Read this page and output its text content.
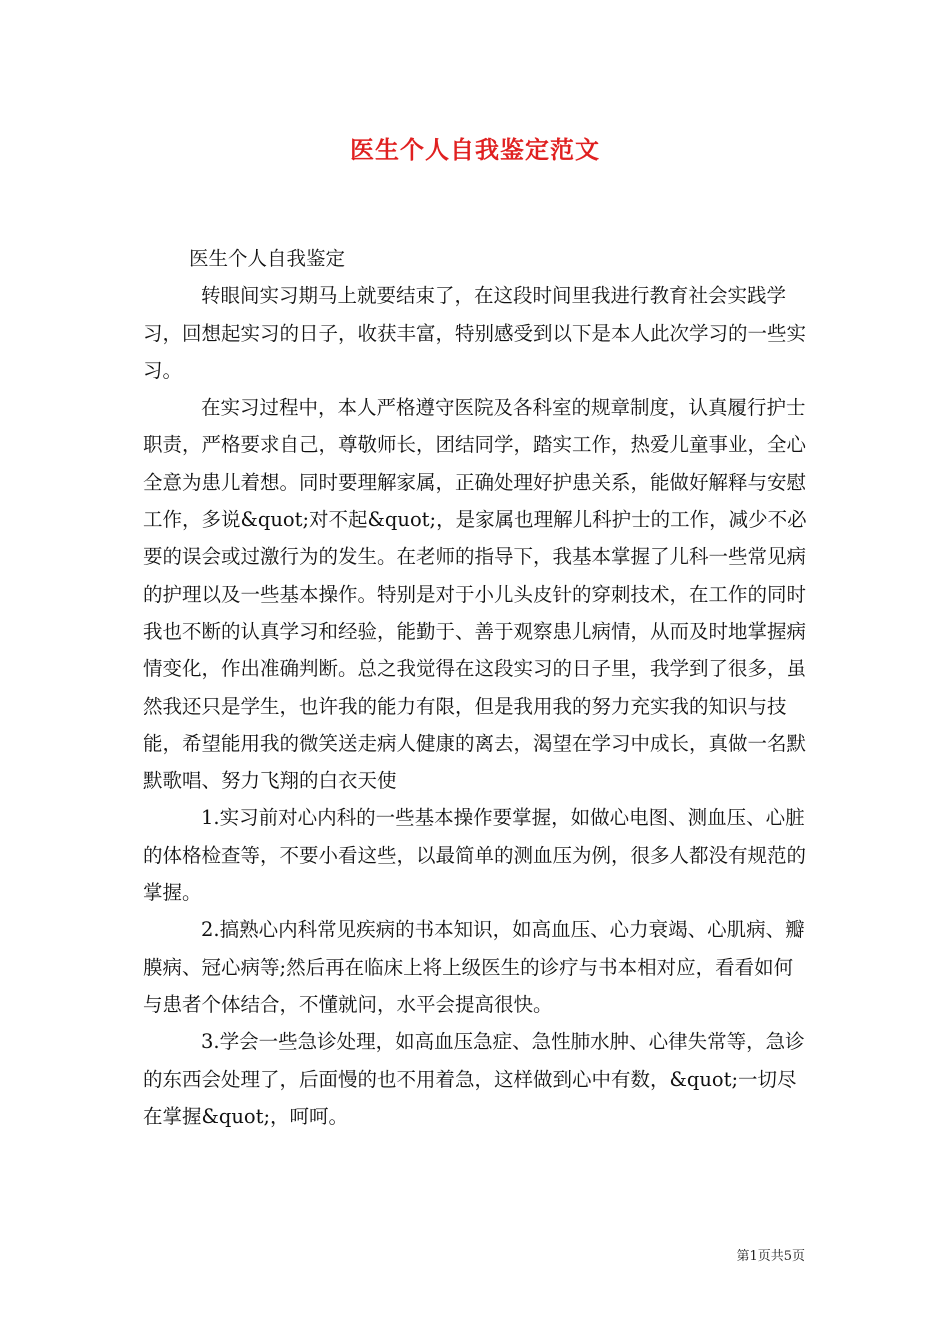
医生个人自我鉴定范文

医生个人自我鉴定

转眼间实习期马上就要结束了，在这段时间里我进行教育社会实践学习，回想起实习的日子，收获丰富，特别感受到以下是本人此次学习的一些实习。

在实习过程中，本人严格遵守医院及各科室的规章制度，认真履行护士职责，严格要求自己，尊敬师长，团结同学，踏实工作，热爱儿童事业，全心全意为患儿着想。同时要理解家属，正确处理好护患关系，能做好解释与安慰工作，多说&quot;对不起&quot;，是家属也理解儿科护士的工作，减少不必要的误会或过激行为的发生。在老师的指导下，我基本掌握了儿科一些常见病的护理以及一些基本操作。特别是对于小儿头皮针的穿刺技术，在工作的同时我也不断的认真学习和经验，能勤于、善于观察患儿病情，从而及时地掌握病情变化，作出准确判断。总之我觉得在这段实习的日子里，我学到了很多，虽然我还只是学生，也许我的能力有限，但是我用我的努力充实我的知识与技能，希望能用我的微笑送走病人健康的离去，渴望在学习中成长，真做一名默默歌唱、努力飞翔的白衣天使

1.实习前对心内科的一些基本操作要掌握，如做心电图、测血压、心脏的体格检查等，不要小看这些，以最简单的测血压为例，很多人都没有规范的掌握。

2.搞熟心内科常见疾病的书本知识，如高血压、心力衰竭、心肌病、瓣膜病、冠心病等;然后再在临床上将上级医生的诊疗与书本相对应，看看如何与患者个体结合，不懂就问，水平会提高很快。

3.学会一些急诊处理，如高血压急症、急性肺水肿、心律失常等，急诊的东西会处理了，后面慢的也不用着急，这样做到心中有数，&quot;一切尽在掌握&quot;，呵呵。

第1页共5页
